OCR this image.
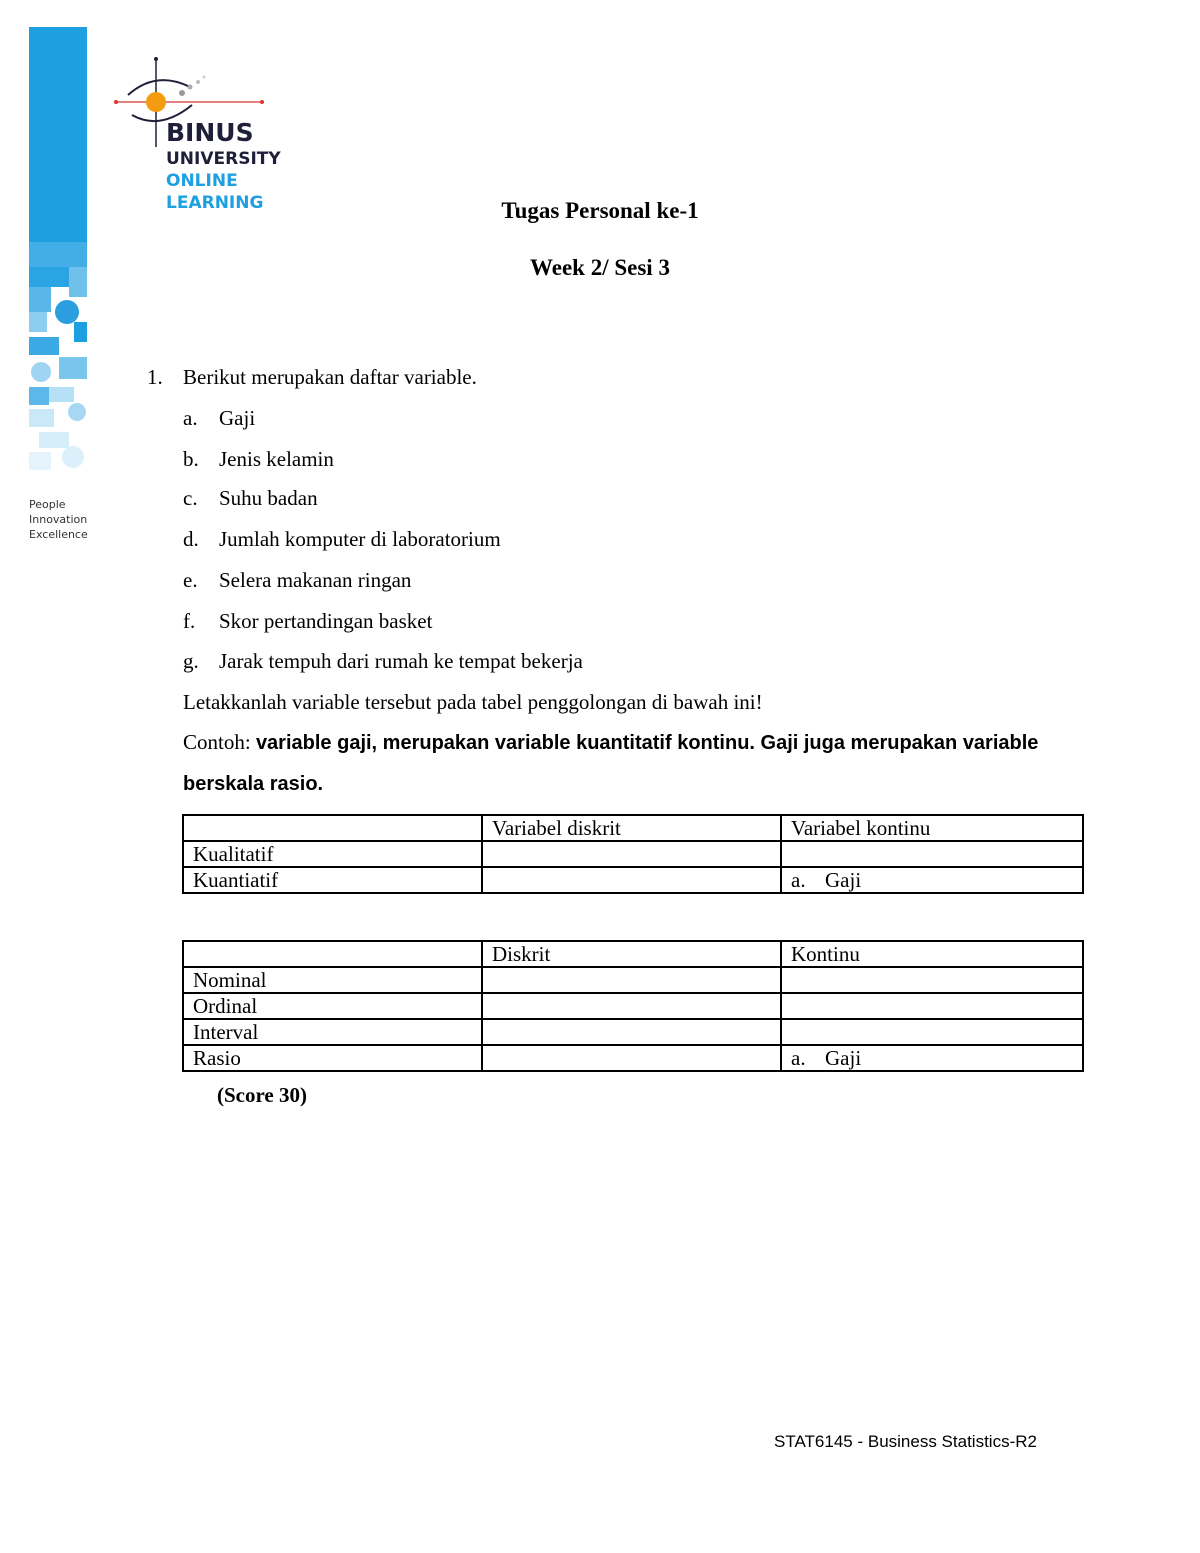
People
Innovation
Excellence
BINUS
UNIVERSITY
ONLINE
LEARNING	Tugas Personal ke-1
Week 2/ Sesi 3
1. Berikut merupakan daftar variable.
a. Gaji
b. Jenis kelamin
c. Suhu badan
d. Jumlah komputer di laboratorium
e. Selera makanan ringan
f. Skor pertandingan basket
g. Jarak tempuh dari rumah ke tempat bekerja
Letakkanlah variable tersebut pada tabel penggolongan di bawah ini!
Contoh: variable gaji, merupakan variable kuantitatif kontinu. Gaji juga merupakan variable
berskala rasio.
	Variabel diskrit	Variabel kontinu
Kualitatif		
Kuantiatif		a. Gaji
	Diskrit	Kontinu
Nominal		
Ordinal		
Interval		
Rasio		a. Gaji
(Score 30)
STAT6145 - Business Statistics-R2
